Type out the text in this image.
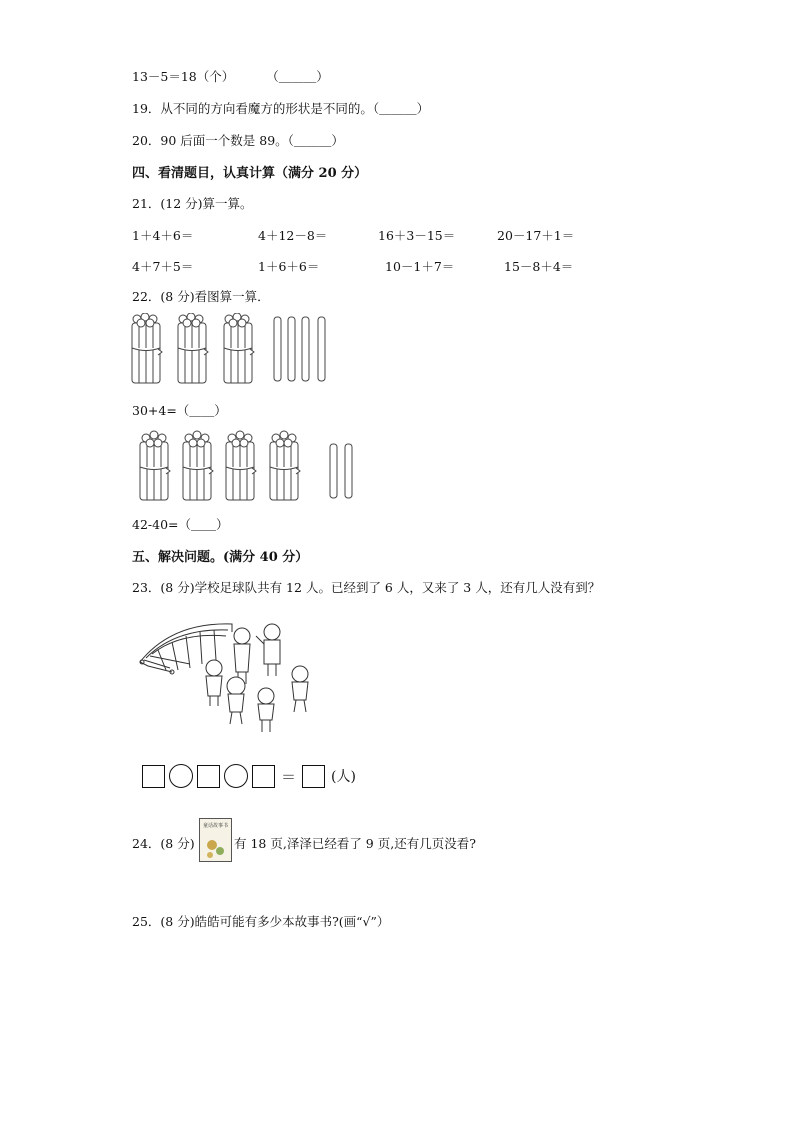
13－5＝18（个）	（＿＿＿）
19．从不同的方向看魔方的形状是不同的。（＿＿＿）
20．90 后面一个数是 89。（＿＿＿）
四、看清题目，认真计算（满分 20 分）
21．(12 分)算一算。
1＋4＋6＝	4＋12－8＝	16＋3－15＝	20－17＋1＝
4＋7＋5＝	1＋6＋6＝	10－1＋7＝	15－8＋4＝
22．(8 分)看图算一算．
30+4=（＿＿）
42-40=（＿＿）
五、解决问题。(满分 40 分）
23．(8 分)学校足球队共有 12 人。已经到了 6 人，又来了 3 人，还有几人没有到？
＝	(人)
24．(8 分)
童话故事书
有 18 页,泽泽已经看了 9 页,还有几页没看?
25．(8 分)皓皓可能有多少本故事书?(画“√”）
